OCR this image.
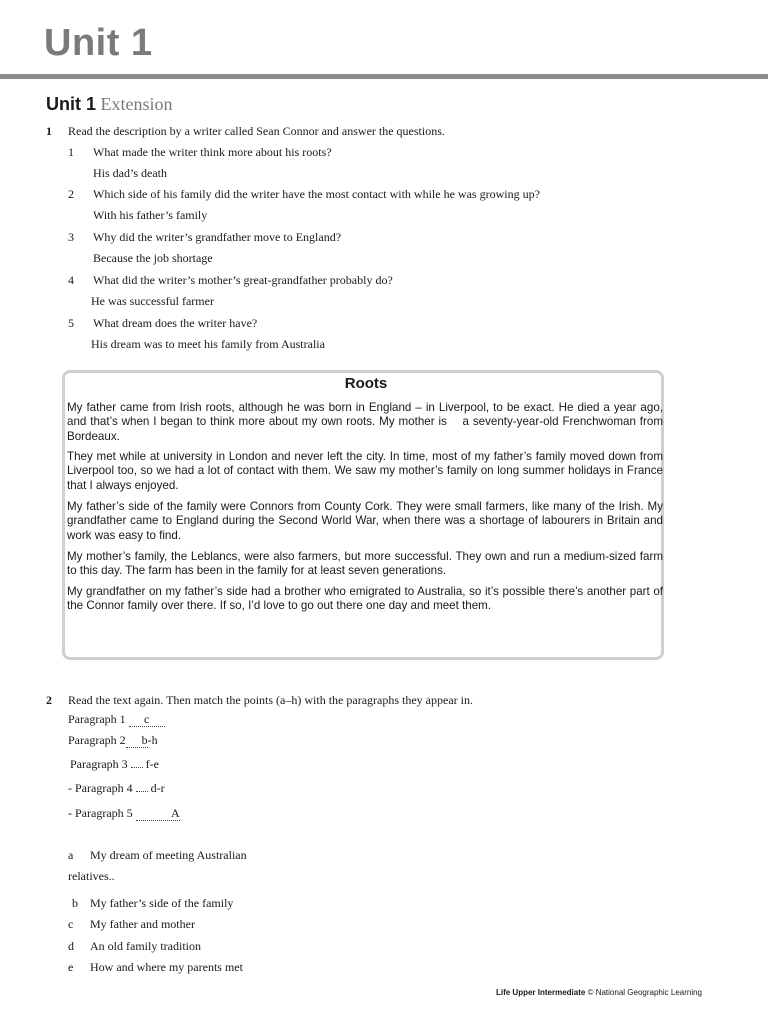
Unit 1
Unit 1 Extension
1 Read the description by a writer called Sean Connor and answer the questions.
1 What made the writer think more about his roots?
His dad’s death
2 Which side of his family did the writer have the most contact with while he was growing up?
With his father’s family
3 Why did the writer’s grandfather move to England?
Because the job shortage
4 What did the writer’s mother’s great-grandfather probably do?
He was successful farmer
5 What dream does the writer have?
His dream was to meet his family from Australia
Roots
My father came from Irish roots, although he was born in England – in Liverpool, to be exact. He died a year ago, and that’s when I began to think more about my own roots. My mother is    a seventy-year-old Frenchwoman from Bordeaux.
They met while at university in London and never left the city. In time, most of my father’s family moved down from Liverpool too, so we had a lot of contact with them. We saw my mother’s family on long summer holidays in France that I always enjoyed.
My father’s side of the family were Connors from County Cork. They were small farmers, like many of the Irish. My grandfather came to England during the Second World War, when there was a shortage of labourers in Britain and work was easy to find.
My mother’s family, the Leblancs, were also farmers, but more successful. They own and run a medium-sized farm to this day. The farm has been in the family for at least seven generations.
My grandfather on my father’s side had a brother who emigrated to Australia, so it’s possible there’s another part of the Connor family over there. If so, I’d love to go out there one day and meet them.
2 Read the text again. Then match the points (a–h) with the paragraphs they appear in.
Paragraph 1 c
Paragraph 2 b-h
Paragraph 3 f-e
- Paragraph 4 d-r
- Paragraph 5	A
a My dream of meeting Australian
relatives..
b My father’s side of the family
c My father and mother
d An old family tradition
e How and where my parents met
Life Upper Intermediate © National Geographic Learning
